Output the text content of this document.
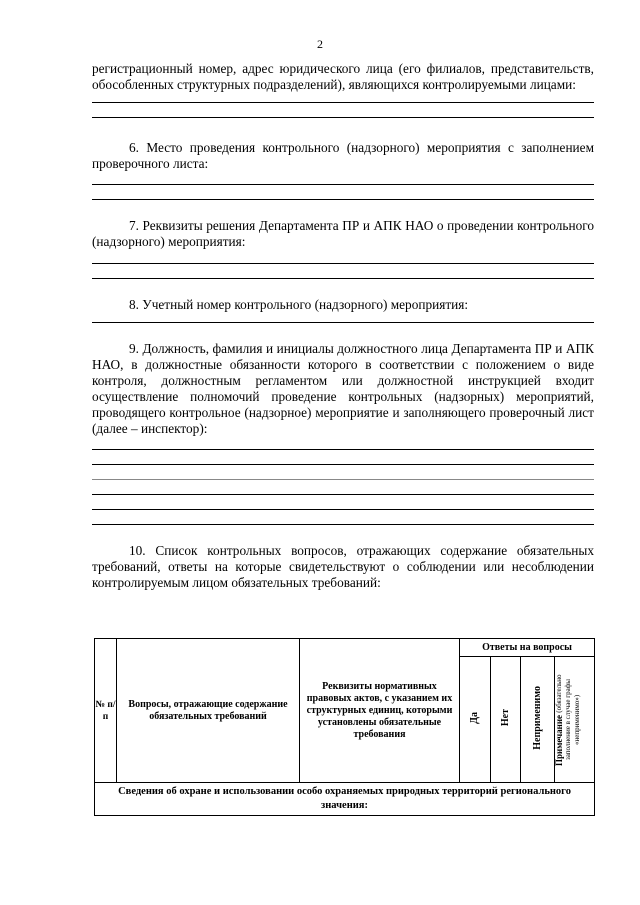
2

регистрационный номер, адрес юридического лица (его филиалов, представительств, обособленных структурных подразделений), являющихся контролируемыми лицами:

6. Место проведения контрольного (надзорного) мероприятия с заполнением проверочного листа:

7. Реквизиты решения Департамента ПР и АПК НАО о проведении контрольного (надзорного) мероприятия:

8. Учетный номер контрольного (надзорного) мероприятия:

9. Должность, фамилия и инициалы должностного лица Департамента ПР и АПК НАО, в должностные обязанности которого в соответствии с положением о виде контроля, должностным регламентом или должностной инструкцией входит осуществление полномочий проведение контрольных (надзорных) мероприятий, проводящего контрольное (надзорное) мероприятие и заполняющего проверочный лист (далее – инспектор):

10. Список контрольных вопросов, отражающих содержание обязательных требований, ответы на которые свидетельствуют о соблюдении или несоблюдении контролируемым лицом обязательных требований:

№ п/п	Вопросы, отражающие содержание обязательных требований	Реквизиты нормативных правовых актов, с указанием их структурных единиц, которыми установлены обязательные требования	Ответы на вопросы			
			Да	Нет	Неприменимо	Примечание (обязательно заполнение в случае графы «неприменимо»)

Сведения об охране и использовании особо охраняемых природных территорий регионального значения:						
